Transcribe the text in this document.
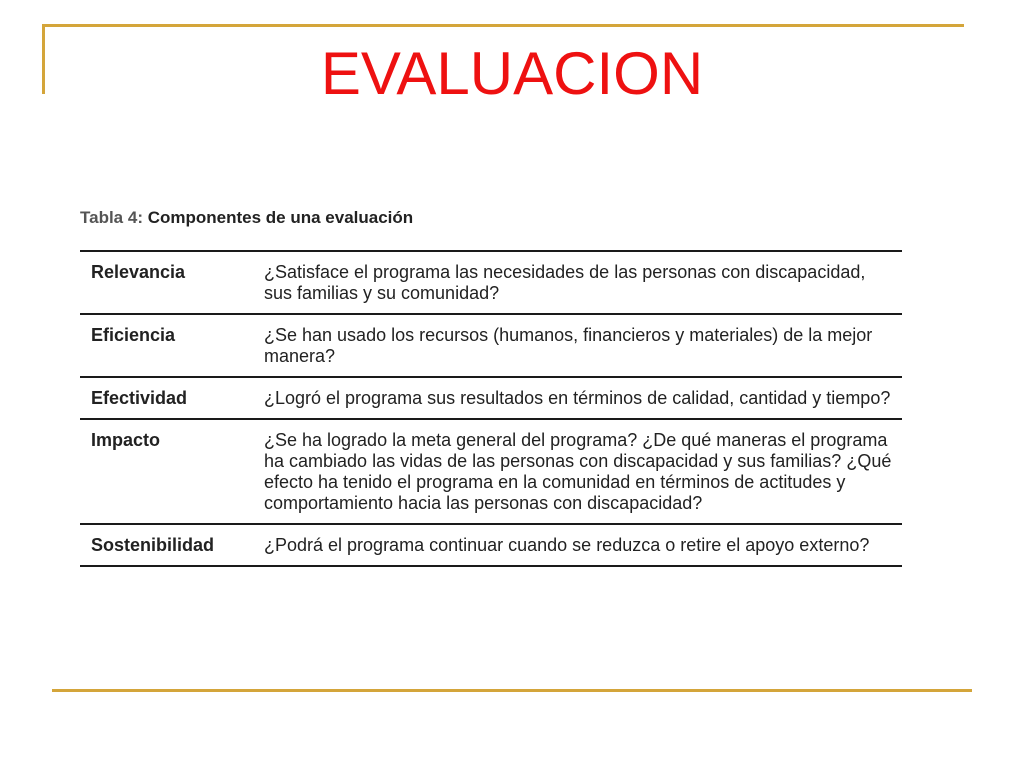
EVALUACION
Tabla 4: Componentes de una evaluación
Relevancia	¿Satisface el programa las necesidades de las personas con discapacidad, sus familias y su comunidad?
Eficiencia	¿Se han usado los recursos (humanos, financieros y materiales) de la mejor manera?
Efectividad	¿Logró el programa sus resultados en términos de calidad, cantidad y tiempo?
Impacto	¿Se ha logrado la meta general del programa? ¿De qué maneras el programa ha cambiado las vidas de las personas con discapacidad y sus familias? ¿Qué efecto ha tenido el programa en la comunidad en términos de actitudes y comportamiento hacia las personas con discapacidad?
Sostenibilidad	¿Podrá el programa continuar cuando se reduzca o retire el apoyo externo?
